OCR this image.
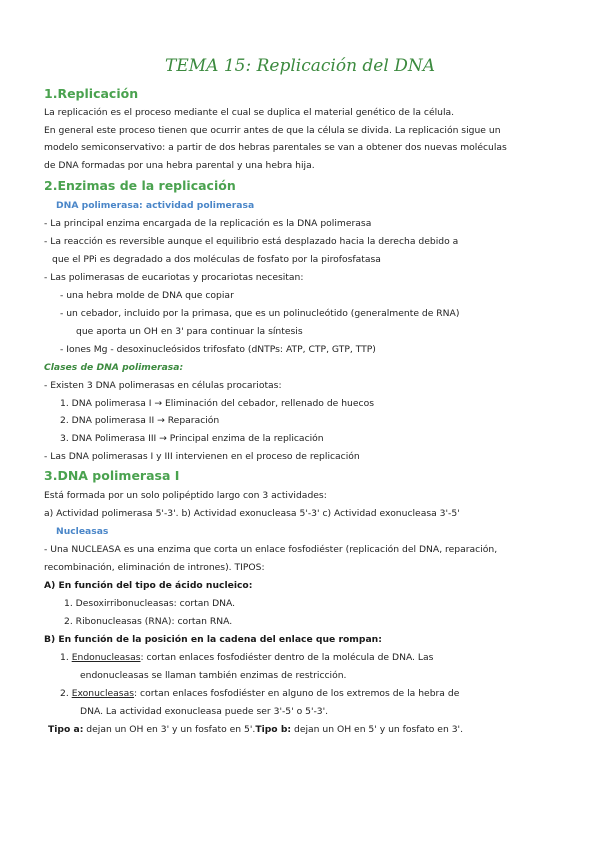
TEMA 15: Replicación del DNA
1.Replicación
La replicación es el proceso mediante el cual se duplica el material genético de la célula.
En general este proceso tienen que ocurrir antes de que la célula se divida. La replicación sigue un
modelo semiconservativo: a partir de dos hebras parentales se van a obtener dos nuevas moléculas
de DNA formadas por una hebra parental y una hebra hija.
2.Enzimas de la replicación
DNA polimerasa: actividad polimerasa
- La principal enzima encargada de la replicación es la DNA polimerasa
- La reacción es reversible aunque el equilibrio está desplazado hacia la derecha debido a
que el PPi es degradado a dos moléculas de fosfato por la pirofosfatasa
- Las polimerasas de eucariotas y procariotas necesitan:
- una hebra molde de DNA que copiar
- un cebador, incluido por la primasa, que es un polinucleótido (generalmente de RNA)
que aporta un OH en 3' para continuar la síntesis
- Iones Mg - desoxinucleósidos trifosfato (dNTPs: ATP, CTP, GTP, TTP)
Clases de DNA polimerasa:
- Existen 3 DNA polimerasas en células procariotas:
1. DNA polimerasa I → Eliminación del cebador, rellenado de huecos
2. DNA polimerasa II → Reparación
3. DNA Polimerasa III → Principal enzima de la replicación
- Las DNA polimerasas I y III intervienen en el proceso de replicación
3.DNA polimerasa I
Está formada por un solo polipéptido largo con 3 actividades:
a) Actividad polimerasa 5'-3'. b) Actividad exonucleasa 5'-3' c) Actividad exonucleasa 3'-5'
Nucleasas
- Una NUCLEASA es una enzima que corta un enlace fosfodiéster (replicación del DNA, reparación,
recombinación, eliminación de intrones). TIPOS:
A) En función del tipo de ácido nucleico:
1. Desoxirribonucleasas: cortan DNA.
2. Ribonucleasas (RNA): cortan RNA.
B) En función de la posición en la cadena del enlace que rompan:
1. Endonucleasas: cortan enlaces fosfodiéster dentro de la molécula de DNA. Las
endonucleasas se llaman también enzimas de restricción.
2. Exonucleasas: cortan enlaces fosfodiéster en alguno de los extremos de la hebra de
DNA. La actividad exonucleasa puede ser 3'-5' o 5'-3'.
Tipo a: dejan un OH en 3' y un fosfato en 5'.Tipo b: dejan un OH en 5' y un fosfato en 3'.
